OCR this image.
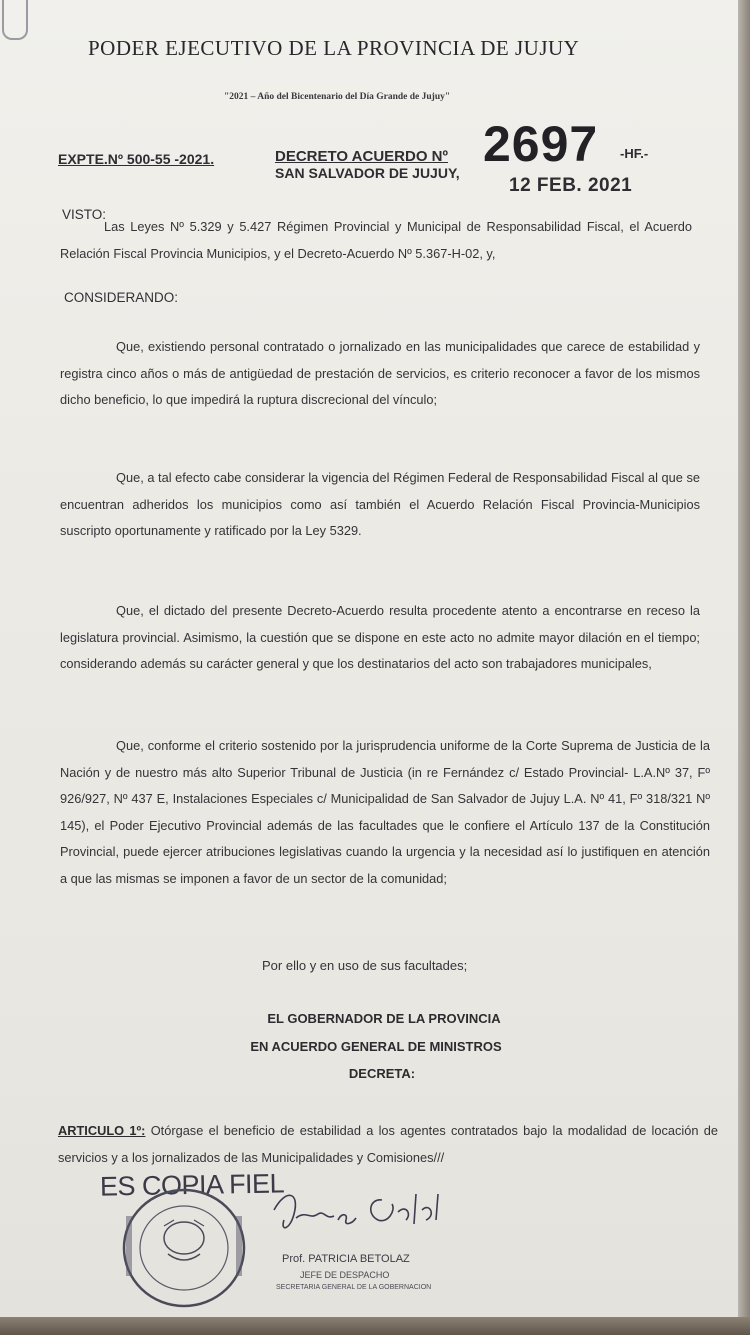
PODER EJECUTIVO DE LA PROVINCIA DE JUJUY
"2021 – Año del Bicentenario del Día Grande de Jujuy"
EXPTE.Nº 500-55 -2021.	DECRETO ACUERDO Nº 2697 -HF.-
SAN SALVADOR DE JUJUY,
12 FEB. 2021
VISTO:

Las Leyes Nº 5.329 y 5.427 Régimen Provincial y Municipal de Responsabilidad Fiscal, el Acuerdo Relación Fiscal Provincia Municipios, y el Decreto-Acuerdo Nº 5.367-H-02, y,

CONSIDERANDO:

Que, existiendo personal contratado o jornalizado en las municipalidades que carece de estabilidad y registra cinco años o más de antigüedad de prestación de servicios, es criterio reconocer a favor de los mismos dicho beneficio, lo que impedirá la ruptura discrecional del vínculo;

Que, a tal efecto cabe considerar la vigencia del Régimen Federal de Responsabilidad Fiscal al que se encuentran adheridos los municipios como así también el Acuerdo Relación Fiscal Provincia-Municipios suscripto oportunamente y ratificado por la Ley 5329.

Que, el dictado del presente Decreto-Acuerdo resulta procedente atento a encontrarse en receso la legislatura provincial. Asimismo, la cuestión que se dispone en este acto no admite mayor dilación en el tiempo; considerando además su carácter general y que los destinatarios del acto son trabajadores municipales,

Que, conforme el criterio sostenido por la jurisprudencia uniforme de la Corte Suprema de Justicia de la Nación y de nuestro más alto Superior Tribunal de Justicia (in re Fernández c/ Estado Provincial- L.A.Nº 37, Fº 926/927, Nº 437 E, Instalaciones Especiales c/ Municipalidad de San Salvador de Jujuy L.A. Nº 41, Fº 318/321 Nº 145), el Poder Ejecutivo Provincial además de las facultades que le confiere el Artículo 137 de la Constitución Provincial, puede ejercer atribuciones legislativas cuando la urgencia y la necesidad así lo justifiquen en atención a que las mismas se imponen a favor de un sector de la comunidad;

Por ello y en uso de sus facultades;
EL GOBERNADOR DE LA PROVINCIA
EN ACUERDO GENERAL DE MINISTROS
DECRETA:

ARTICULO 1º: Otórgase el beneficio de estabilidad a los agentes contratados bajo la modalidad de locación de servicios y a los jornalizados de las Municipalidades y Comisiones///

ES COPIA FIEL
Prof. PATRICIA BETOLAZ
JEFE DE DESPACHO
SECRETARIA GENERAL DE LA GOBERNACION
